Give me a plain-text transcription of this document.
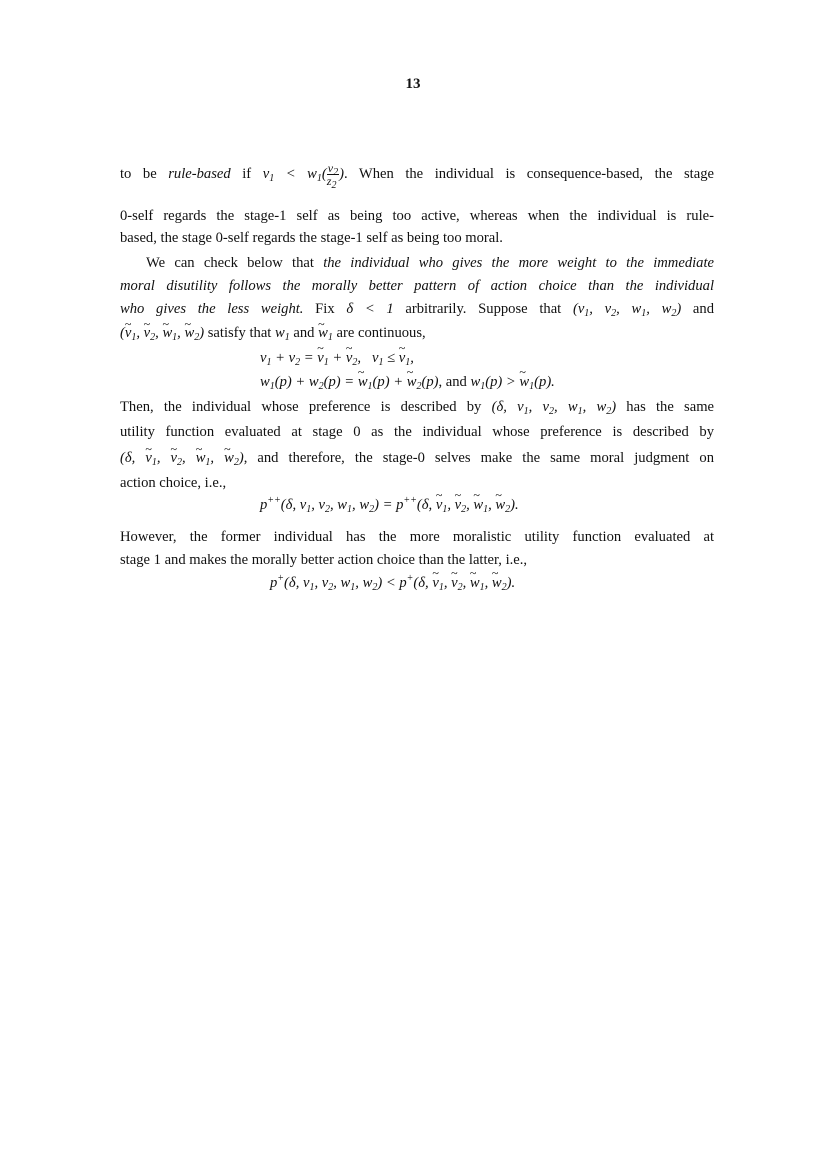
13
to be rule-based if $v_1 < w_1( \frac{v_2}{z_2}$ ). When the individual is consequence-based, the stage
0-self regards the stage-1 self as being too active, whereas when the individual is rule-
based, the stage 0-self regards the stage-1 self as being too moral.
We can check below that the individual who gives the more weight to the immediate
moral disutility follows the morally better pattern of action choice than the individual
who gives the less weight. Fix δ < 1 arbitrarily. Suppose that ($v_1$, $v_2$, $w_1$, $w_2$) and
(~ $v_1$, ~ $v_2$, ~ $w_1$, ~ $w_2$) satisfy that $w_1$ and ~ $w_1$ are continuous,
$v_1 + v_2$ = ~ $v_1$ + ~ $v_2$,   $v_1$ ≤ ~ $v_1$,
$w_1(p) + w_2(p)$ = ~ $w_1(p)$ + ~ $w_2(p)$, and $w_1(p)$ > ~ $w_1(p)$.
Then, the individual whose preference is described by (δ, $v_1$, $v_2$, $w_1$, $w_2$) has the same
utility function evaluated at stage 0 as the individual whose preference is described by
(δ, ~ $v_1$, ~ $v_2$, ~ $w_1$, ~ $w_2$), and therefore, the stage-0 selves make the same moral judgment on
action choice, i.e.,
p++(δ, $v_1$, $v_2$, $w_1$, $w_2) = p^{++}(\delta$, ~ $v_1$, ~ $v_2$, ~ $w_1$, ~ $w_2$).
However, the former individual has the more moralistic utility function evaluated at
stage 1 and makes the morally better action choice than the latter, i.e.,
p+(δ, $v_1$, $v_2$, $w_1$, $w_2) < p^+(\delta$, ~ $v_1$, ~ $v_2$, ~ $w_1$, ~ $w_2$).
